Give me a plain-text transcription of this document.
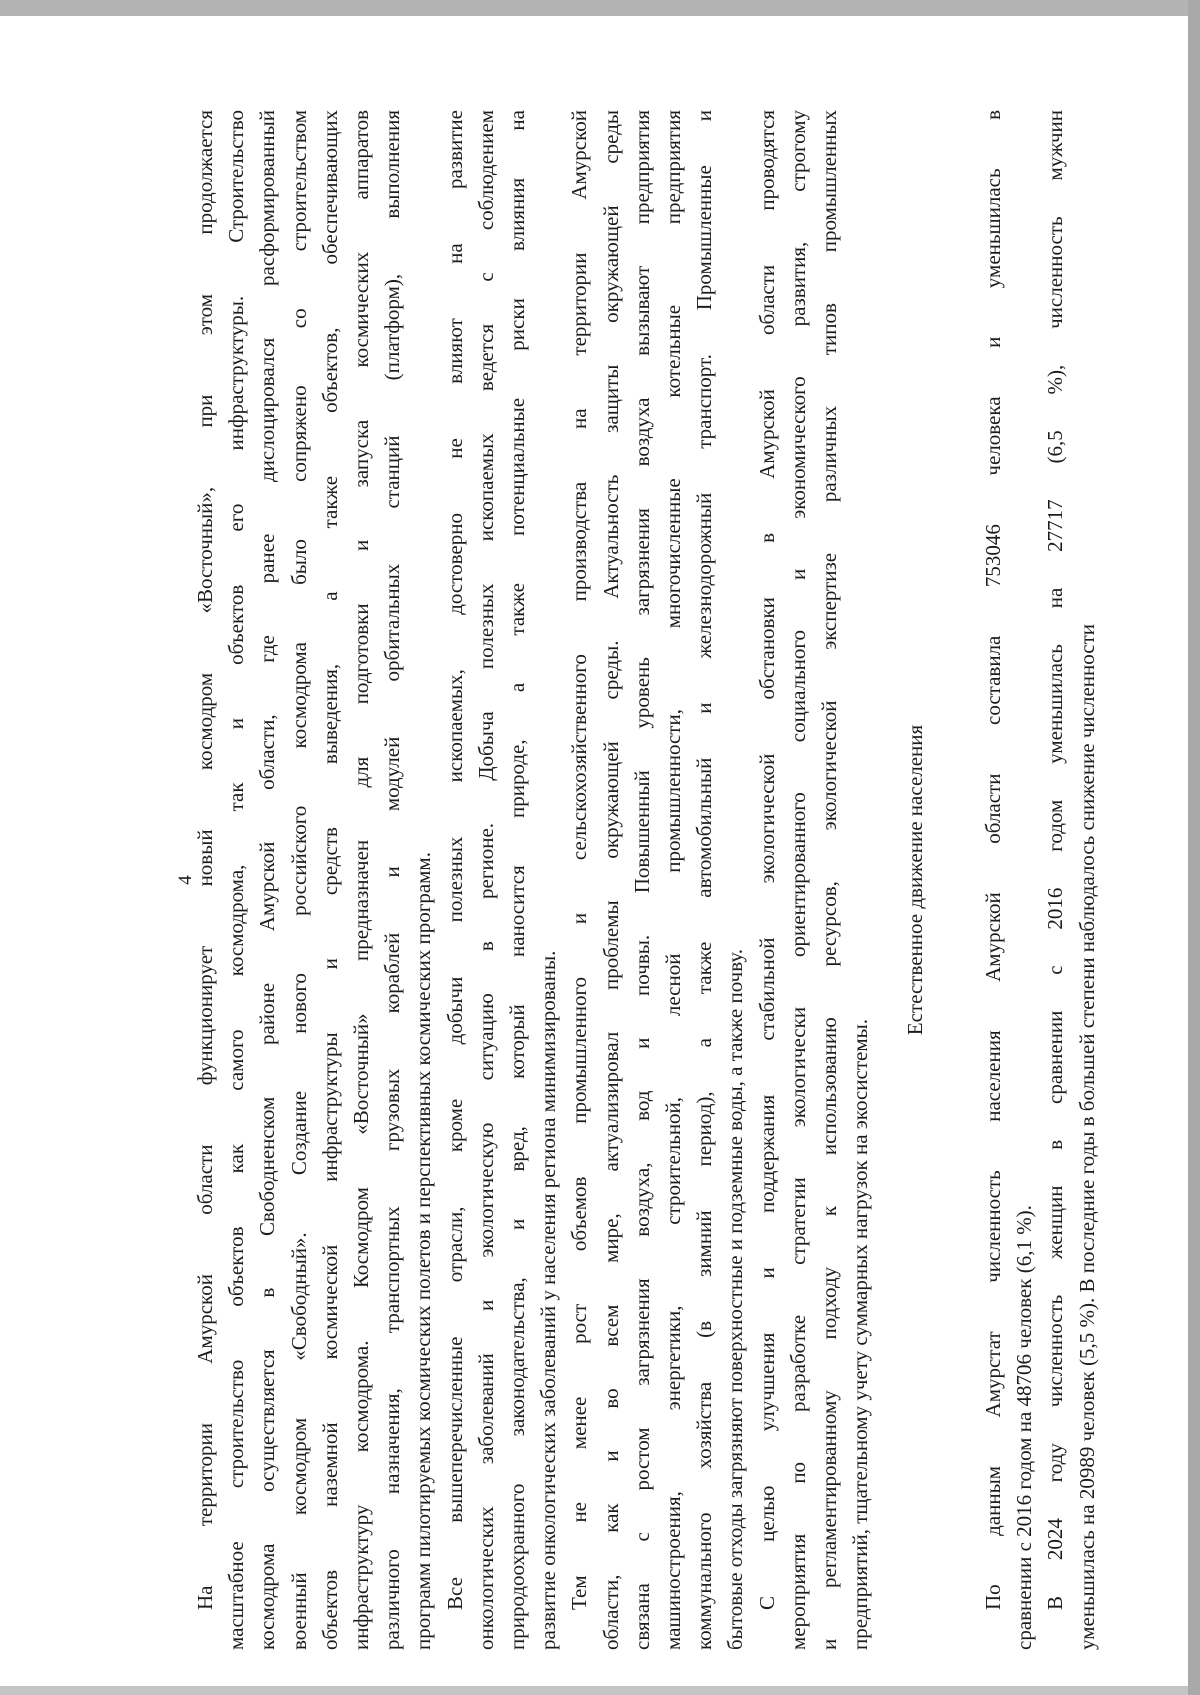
4
На территории Амурской области функционирует новый космодром «Восточный», при этом продолжается масштабное строительство объектов как самого космодрома, так и объектов его инфраструктуры. Строительство космодрома осуществляется в Свободненском районе Амурской области, где ранее дислоцировался расформированный военный космодром «Свободный». Создание нового российского космодрома было сопряжено со строительством объектов наземной космической инфраструктуры и средств выведения, а также объектов, обеспечивающих инфраструктуру космодрома. Космодром «Восточный» предназначен для подготовки и запуска космических аппаратов различного назначения, транспортных грузовых кораблей и модулей орбитальных станций (платформ), выполнения программ пилотируемых космических полетов и перспективных космических программ. Все вышеперечисленные отрасли, кроме добычи полезных ископаемых, достоверно не влияют на развитие онкологических заболеваний и экологическую ситуацию в регионе. Добыча полезных ископаемых ведется с соблюдением природоохранного законодательства, и вред, который наносится природе, а также потенциальные риски влияния на развитие онкологических заболеваний у населения региона минимизированы. Тем не менее рост объемов промышленного и сельскохозяйственного производства на территории Амурской области, как и во всем мире, актуализировал проблемы окружающей среды. Актуальность защиты окружающей среды связана с ростом загрязнения воздуха, вод и почвы. Повышенный уровень загрязнения воздуха вызывают предприятия машиностроения, энергетики, строительной, лесной промышленности, многочисленные котельные предприятия коммунального хозяйства (в зимний период), а также автомобильный и железнодорожный транспорт. Промышленные и бытовые отходы загрязняют поверхностные и подземные воды, а также почву. С целью улучшения и поддержания стабильной экологической обстановки в Амурской области проводятся мероприятия по разработке стратегии экологически ориентированного социального и экономического развития, строгому и регламентированному подходу к использованию ресурсов, экологической экспертизе различных типов промышленных предприятий, тщательному учету суммарных нагрузок на экосистемы.
Естественное движение населения	По данным Амурстат численность населения Амурской области составила 753046 человека и уменьшилась в сравнении с 2016 годом на 48706 человек (6,1 %). В 2024 году численность женщин в сравнении с 2016 годом уменьшилась на 27717 (6,5 %), численность мужчин уменьшилась на 20989 человек (5,5 %). В последние годы в большей степени наблюдалось снижение численности
